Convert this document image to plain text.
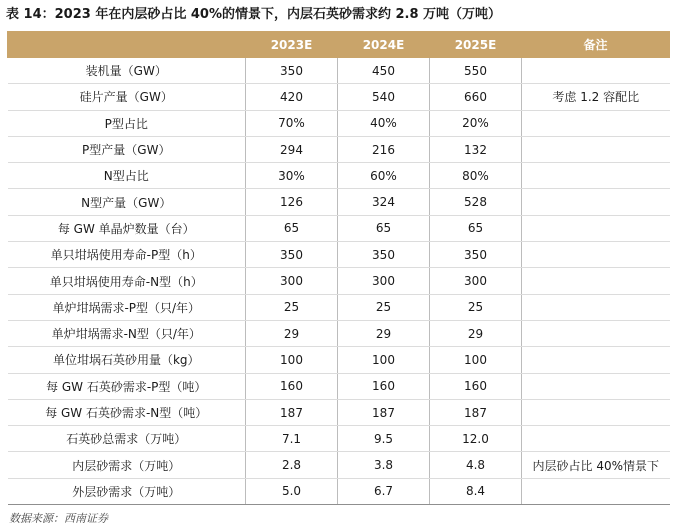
表 14：2023 年在内层砂占比 40%的情景下，内层石英砂需求约 2.8 万吨（万吨）
	2023E	2024E	2025E	备注
装机量（GW）	350	450	550	
硅片产量（GW）	420	540	660	考虑 1.2 容配比
P型占比	70%	40%	20%	
P型产量（GW）	294	216	132	
N型占比	30%	60%	80%	
N型产量（GW）	126	324	528	
每 GW 单晶炉数量（台）	65	65	65	
单只坩埚使用寿命-P型（h）	350	350	350	
单只坩埚使用寿命-N型（h）	300	300	300	
单炉坩埚需求-P型（只/年）	25	25	25	
单炉坩埚需求-N型（只/年）	29	29	29	
单位坩埚石英砂用量（kg）	100	100	100	
每 GW 石英砂需求-P型（吨）	160	160	160	
每 GW 石英砂需求-N型（吨）	187	187	187	
石英砂总需求（万吨）	7.1	9.5	12.0	
内层砂需求（万吨）	2.8	3.8	4.8	内层砂占比 40%情景下
外层砂需求（万吨）	5.0	6.7	8.4	
数据来源：西南证券
